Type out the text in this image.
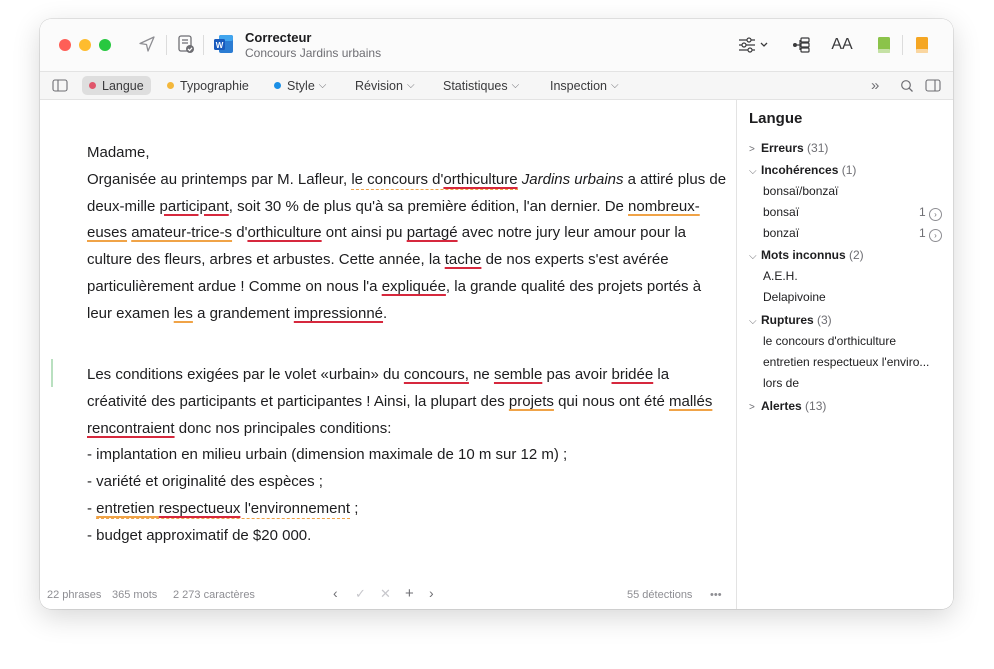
W
Correcteur
Concours Jardins urbains	AA
Langue	Typographie	Style ⌵ Révision ⌵ Statistiques ⌵ Inspection ⌵	»
Madame,
Organisée au printemps par M. Lafleur, le concours d'orthiculture Jardins urbains a attiré plus de deux-mille participant, soit 30 % de plus qu'à sa première édition, l'an dernier. De nombreux-euses amateur-trice-s d'orthiculture ont ainsi pu partagé avec notre jury leur amour pour la culture des fleurs, arbres et arbustes. Cette année, la tache de nos experts s'est avérée particulièrement ardue ! Comme on nous l'a expliquée, la grande qualité des projets portés à leur examen les a grandement impressionné.
Les conditions exigées par le volet «urbain» du concours, ne semble pas avoir bridée la créativité des participants et participantes ! Ainsi, la plupart des projets qui nous ont été mallés rencontraient donc nos principales conditions:
- implantation en milieu urbain (dimension maximale de 10 m sur 12 m) ;
- variété et originalité des espèces ;
- entretien respectueux l'environnement ;
- budget approximatif de $20 000.
22 phrases 365 mots 2 273 caractères	‹ ✓ ✕ + ›	55 détections •••
Langue
> Erreurs (31)
⌵ Incohérences (1)
bonsaï/bonzaï
bonsaï	1 ›
bonzaï	1 ›
⌵ Mots inconnus (2)
A.E.H.
Delapivoine
⌵ Ruptures (3)
le concours d'orthiculture
entretien respectueux l'enviro...
lors de
> Alertes (13)
